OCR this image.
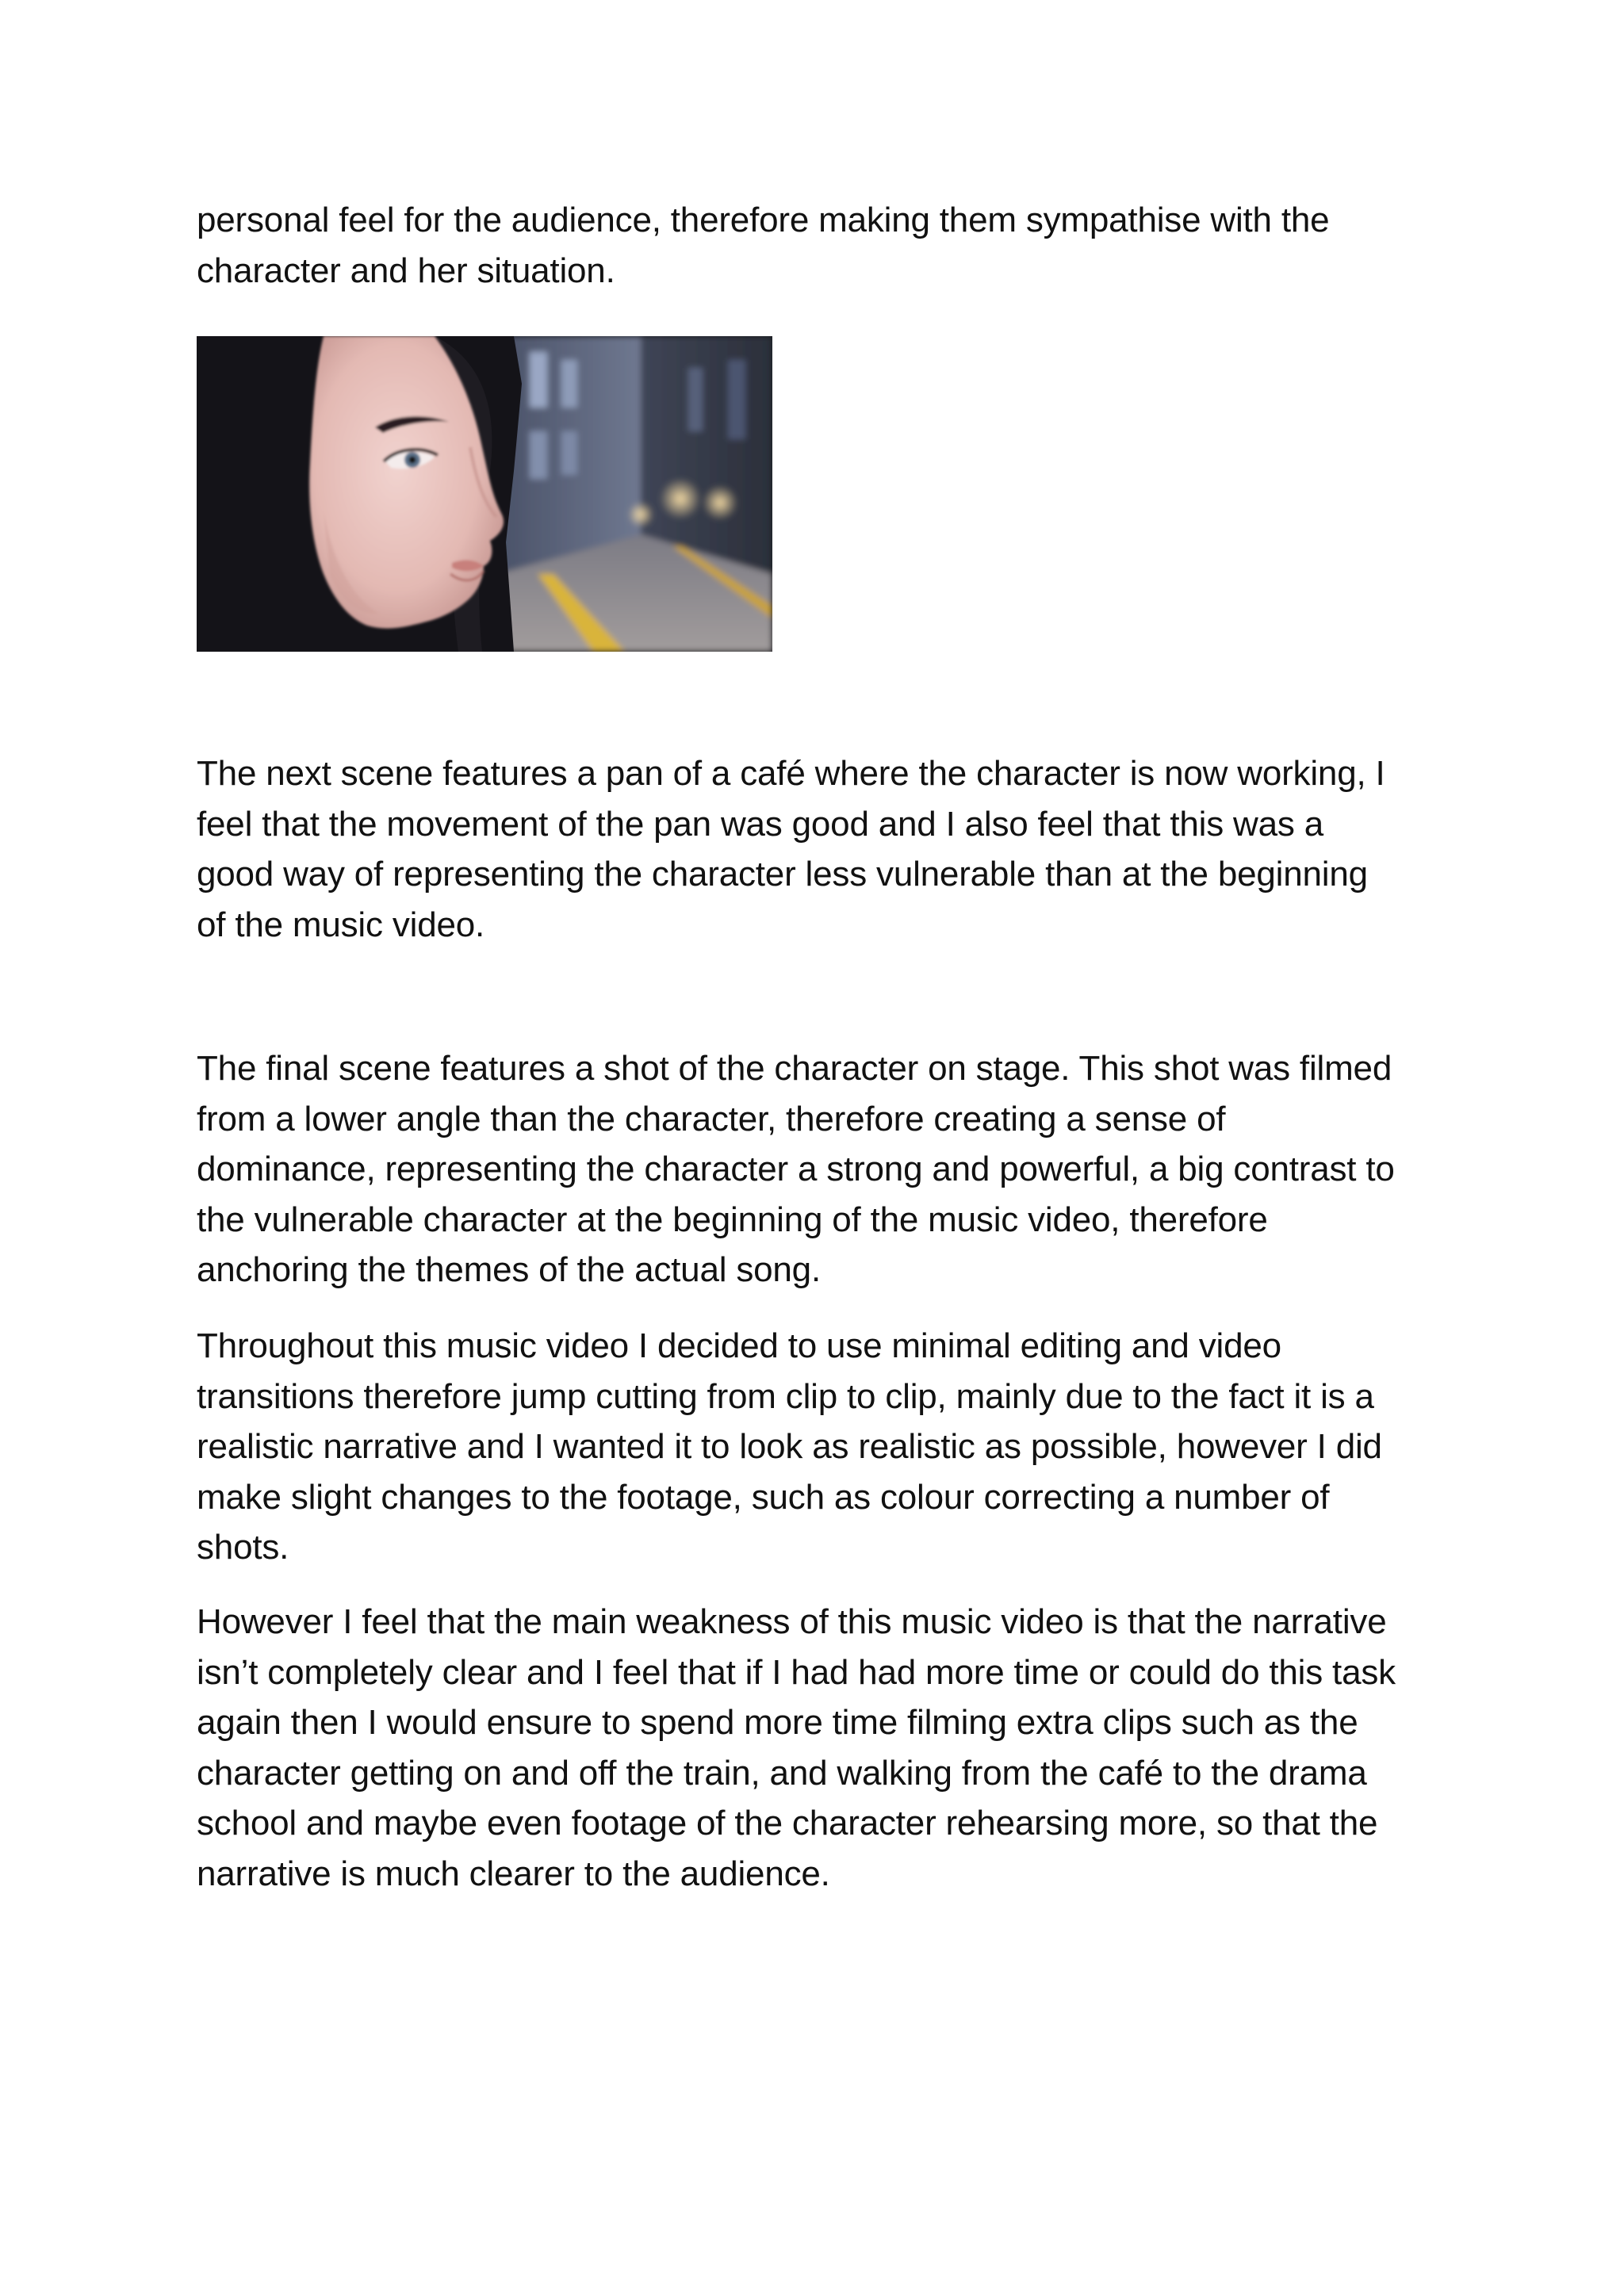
personal feel for the audience, therefore making them sympathise with the
character and her situation.

The next scene features a pan of a café where the character is now working, I
feel that the movement of the pan was good and I also feel that this was a
good way of representing the character less vulnerable than at the beginning
of the music video.

The final scene features a shot of the character on stage. This shot was filmed
from a lower angle than the character, therefore creating a sense of
dominance, representing the character a strong and powerful, a big contrast to
the vulnerable character at the beginning of the music video, therefore
anchoring the themes of the actual song.

Throughout this music video I decided to use minimal editing and video
transitions therefore jump cutting from clip to clip, mainly due to the fact it is a
realistic narrative and I wanted it to look as realistic as possible, however I did
make slight changes to the footage, such as colour correcting a number of
shots.

However I feel that the main weakness of this music video is that the narrative
isn’t completely clear and I feel that if I had had more time or could do this task
again then I would ensure to spend more time filming extra clips such as the
character getting on and off the train, and walking from the café to the drama
school and maybe even footage of the character rehearsing more, so that the
narrative is much clearer to the audience.
